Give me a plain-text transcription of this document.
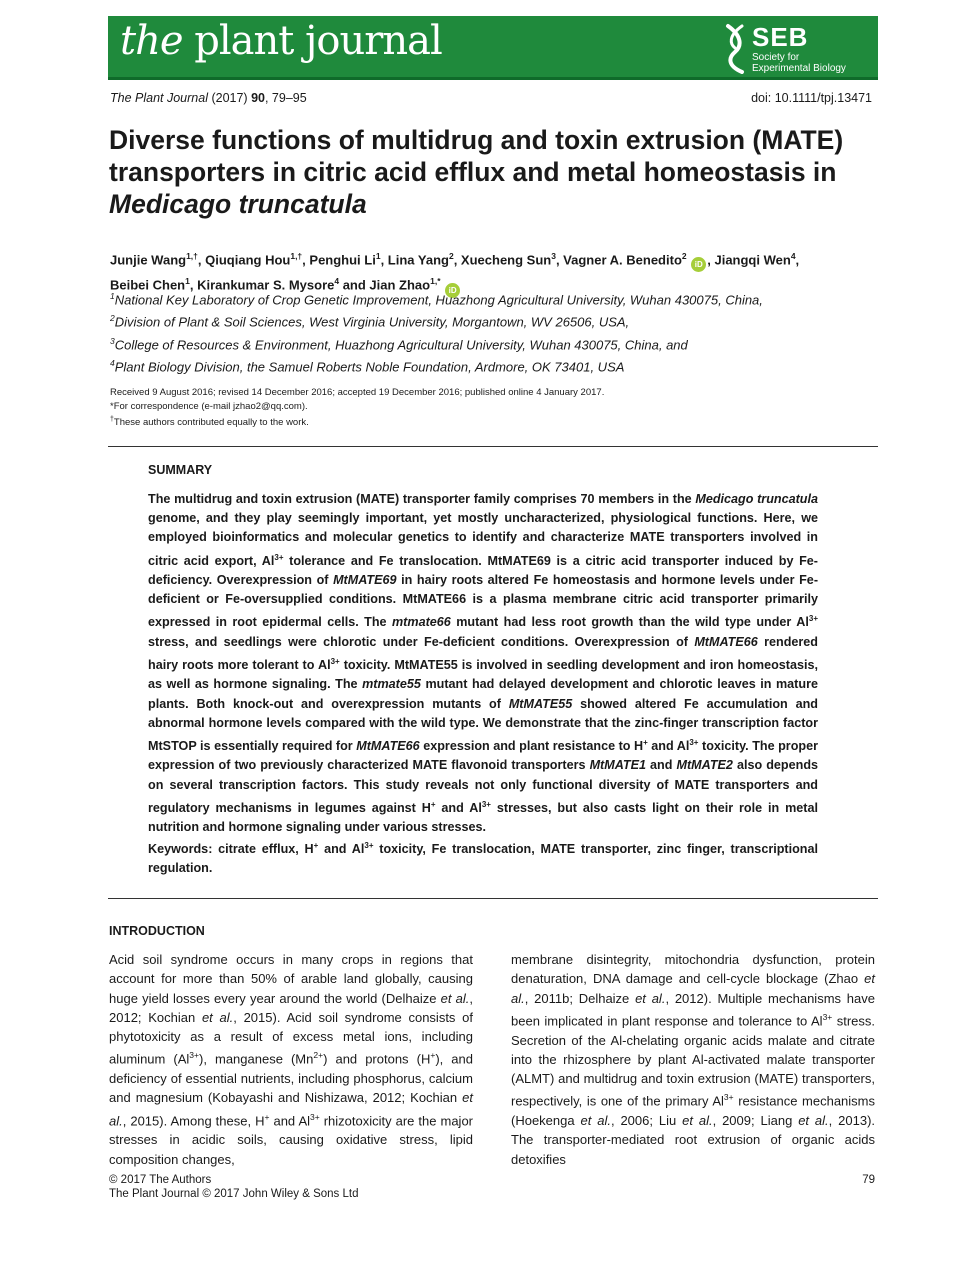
the plant journal	SEB
Society for
Experimental Biology
The Plant Journal (2017) 90, 79–95	doi: 10.1111/tpj.13471
Diverse functions of multidrug and toxin extrusion (MATE)
transporters in citric acid efflux and metal homeostasis in
Medicago truncatula
Junjie Wang$^{1,\dagger}$, Qiuqiang Hou$^{1,\dagger}$, Penghui Li$^1$, Lina Yang$^2$, Xuecheng Sun$^3$, Vagner A. Benedito$^2$ iD , Jiangqi Wen$^4$,
Beibei Chen$^1$, Kirankumar S. Mysore$^4$ and Jian Zhao$^{1,*}$ iD
$^1$National Key Laboratory of Crop Genetic Improvement, Huazhong Agricultural University, Wuhan 430075, China,
$^2$Division of Plant & Soil Sciences, West Virginia University, Morgantown, WV 26506, USA,
$^3$College of Resources & Environment, Huazhong Agricultural University, Wuhan 430075, China, and
$^4$Plant Biology Division, the Samuel Roberts Noble Foundation, Ardmore, OK 73401, USA
Received 9 August 2016; revised 14 December 2016; accepted 19 December 2016; published online 4 January 2017.
*For correspondence (e-mail jzhao2@qq.com).
†These authors contributed equally to the work.
SUMMARY

The multidrug and toxin extrusion (MATE) transporter family comprises 70 members in the Medicago truncatula genome, and they play seemingly important, yet mostly uncharacterized, physiological functions. Here, we employed bioinformatics and molecular genetics to identify and characterize MATE transporters involved in citric acid export, $Al^{3+}$ tolerance and Fe translocation. MtMATE69 is a citric acid transporter induced by Fe-deficiency. Overexpression of MtMATE69 in hairy roots altered Fe homeostasis and hormone levels under Fe-deficient or Fe-oversupplied conditions. MtMATE66 is a plasma membrane citric acid transporter primarily expressed in root epidermal cells. The mtmate66 mutant had less root growth than the wild type under $Al^{3+}$ stress, and seedlings were chlorotic under Fe-deficient conditions. Overexpression of MtMATE66 rendered hairy roots more tolerant to $Al^{3+}$ toxicity. MtMATE55 is involved in seedling development and iron homeostasis, as well as hormone signaling. The mtmate55 mutant had delayed development and chlorotic leaves in mature plants. Both knock-out and overexpression mutants of MtMATE55 showed altered Fe accumulation and abnormal hormone levels compared with the wild type. We demonstrate that the zinc-finger transcription factor MtSTOP is essentially required for MtMATE66 expression and plant resistance to H+ and $Al^{3+}$ toxicity. The proper expression of two previously characterized MATE flavonoid transporters MtMATE1 and MtMATE2 also depends on several transcription factors. This study reveals not only functional diversity of MATE transporters and regulatory mechanisms in legumes against H+ and $Al^{3+}$ stresses, but also casts light on their role in metal nutrition and hormone signaling under various stresses.

Keywords: citrate efflux, H+ and $Al^{3+}$ toxicity, Fe translocation, MATE transporter, zinc finger, transcriptional regulation.
INTRODUCTION

Acid soil syndrome occurs in many crops in regions that account for more than 50% of arable land globally, causing huge yield losses every year around the world (Delhaize et al., 2012; Kochian et al., 2015). Acid soil syndrome consists of phytotoxicity as a result of excess metal ions, including aluminum $(Al^{3+})$, manganese $(Mn^{2+})$ and protons (H+), and deficiency of essential nutrients, including phosphorus, calcium and magnesium (Kobayashi and Nishizawa, 2012; Kochian et al., 2015). Among these, H+ and $Al^{3+}$ rhizotoxicity are the major stresses in acidic soils, causing oxidative stress, lipid composition changes,

membrane disintegrity, mitochondria dysfunction, protein denaturation, DNA damage and cell-cycle blockage (Zhao et al., 2011b; Delhaize et al., 2012). Multiple mechanisms have been implicated in plant response and tolerance to $Al^{3+}$ stress. Secretion of the Al-chelating organic acids malate and citrate into the rhizosphere by plant Al-activated malate transporter (ALMT) and multidrug and toxin extrusion (MATE) transporters, respectively, is one of the primary $Al^{3+}$ resistance mechanisms (Hoekenga et al., 2006; Liu et al., 2009; Liang et al., 2013). The transporter-mediated root extrusion of organic acids detoxifies

© 2017 The Authors
The Plant Journal © 2017 John Wiley & Sons Ltd
79
